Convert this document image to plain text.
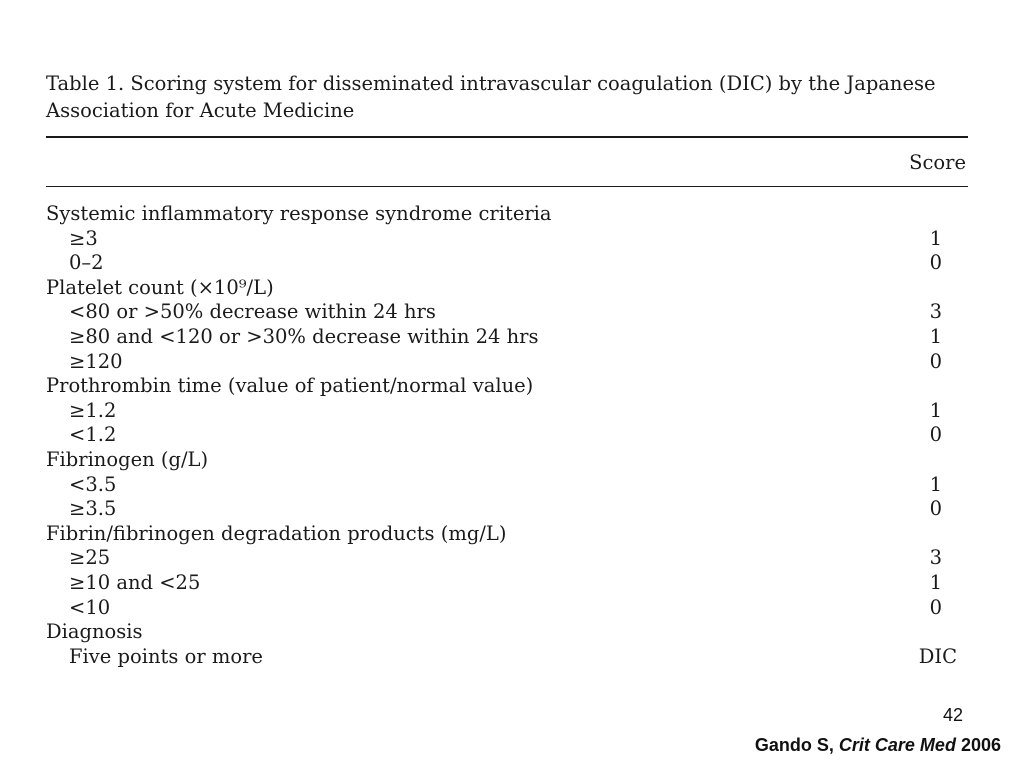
Table 1. Scoring system for disseminated intravascular coagulation (DIC) by the Japanese Association for Acute Medicine

Score
Systemic inflammatory response syndrome criteria
≥3	1
0–2	0
Platelet count (×10⁹/L)
<80 or >50% decrease within 24 hrs	3
≥80 and <120 or >30% decrease within 24 hrs	1
≥120	0
Prothrombin time (value of patient/normal value)
≥1.2	1
<1.2	0
Fibrinogen (g/L)
<3.5	1
≥3.5	0
Fibrin/fibrinogen degradation products (mg/L)
≥25	3
≥10 and <25	1
<10	0
Diagnosis
Five points or more	DIC
42
Gando S, Crit Care Med 2006
